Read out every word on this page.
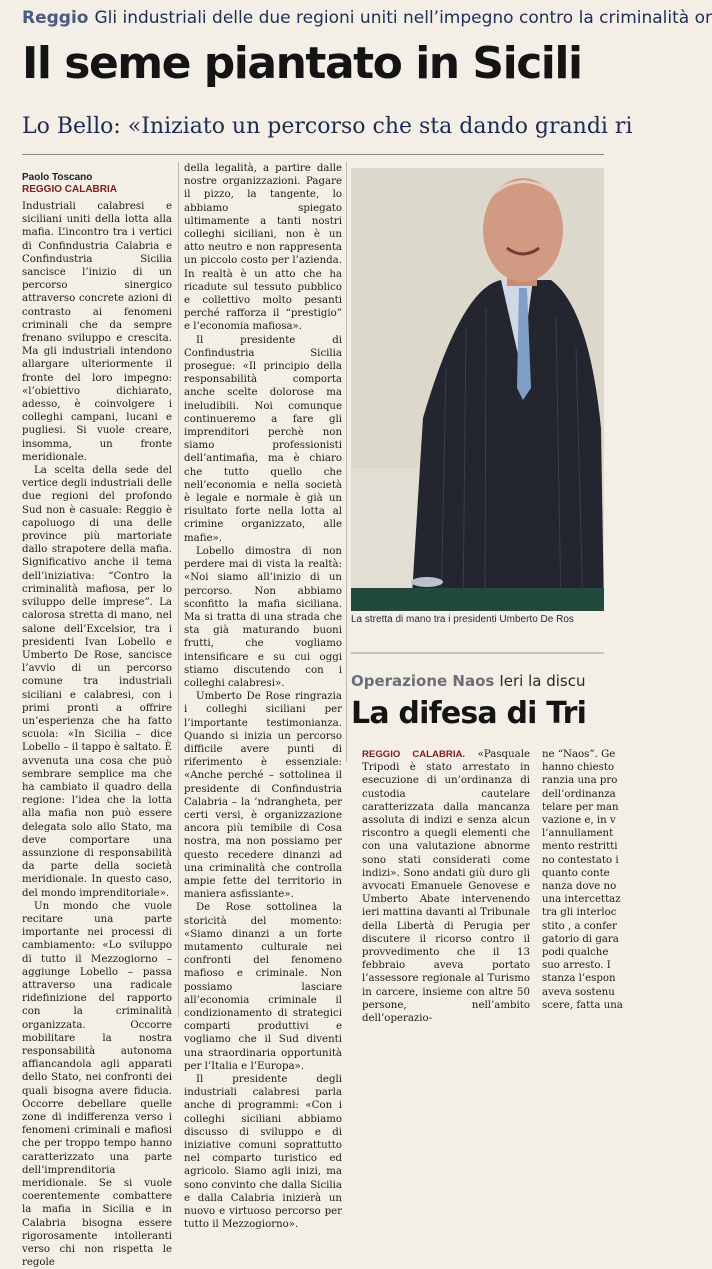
Reggio Gli industriali delle due regioni uniti nell’impegno contro la criminalità or
Il seme piantato in Sicili
Lo Bello: «Iniziato un percorso che sta dando grandi ri
Paolo Toscano
REGGIO CALABRIA

Industriali calabresi e siciliani uniti della lotta alla mafia. L’incontro tra i vertici di Confindustria Calabria e Confindustria Sicilia sancisce l’inizio di un percorso sinergico attraverso concrete azioni di contrasto ai fenomeni criminali che da sempre frenano sviluppo e crescita. Ma gli industriali intendono allargare ulteriormente il fronte del loro impegno: «l’obiettivo dichiarato, adesso, è coinvolgere i colleghi campani, lucani e pugliesi. Si vuole creare, insomma, un fronte meridionale.

La scelta della sede del vertice degli industriali delle due regioni del profondo Sud non è casuale: Reggio è capoluogo di una delle province più martoriate dallo strapotere della mafia. Significativo anche il tema dell’iniziativa: “Contro la criminalità mafiosa, per lo sviluppo delle imprese”. La calorosa stretta di mano, nel salone dell’Excelsior, tra i presidenti Ivan Lobello e Umberto De Rose, sancisce l’avvio di un percorso comune tra industriali siciliani e calabresi, con i primi pronti a offrire un’esperienza che ha fatto scuola: «In Sicilia – dice Lobello – il tappo è saltato. È avvenuta una cosa che può sembrare semplice ma che ha cambiato il quadro della regione: l’idea che la lotta alla mafia non può essere delegata solo allo Stato, ma deve comportare una assunzione di responsabilità da parte della società meridionale. In questo caso, del mondo imprenditoriale».

Un mondo che vuole recitare una parte importante nei processi di cambiamento: «Lo sviluppo di tutto il Mezzogiorno – aggiunge Lobello – passa attraverso una radicale ridefinizione del rapporto con la criminalità organizzata. Occorre mobilitare la nostra responsabilità autonoma affiancandola agli apparati dello Stato, nei confronti dei quali bisogna avere fiducia. Occorre debellare quelle zone di indifferenza verso i fenomeni criminali e mafiosi che per troppo tempo hanno caratterizzato una parte dell’imprenditoria meridionale. Se si vuole coerentemente combattere la mafia in Sicilia e in Calabria bisogna essere rigorosamente intolleranti verso chi non rispetta le regole

della legalità, a partire dalle nostre organizzazioni. Pagare il pizzo, la tangente, lo abbiamo spiegato ultimamente a tanti nostri colleghi siciliani, non è un atto neutro e non rappresenta un piccolo costo per l’azienda. In realtà è un atto che ha ricadute sul tessuto pubblico e collettivo molto pesanti perché rafforza il “prestigio” e l’economia mafiosa».

Il presidente di Confindustria Sicilia prosegue: «Il principio della responsabilità comporta anche scelte dolorose ma ineludibili. Noi comunque continueremo a fare gli imprenditori perchè non siamo professionisti dell’antimafia, ma è chiaro che tutto quello che nell’economia e nella società è legale e normale è già un risultato forte nella lotta al crimine organizzato, alle mafie».

Lobello dimostra di non perdere mai di vista la realtà: «Noi siamo all’inizio di un percorso. Non abbiamo sconfitto la mafia siciliana. Ma si tratta di una strada che sta già maturando buoni frutti, che vogliamo intensificare e su cui oggi stiamo discutendo con i colleghi calabresi».

Umberto De Rose ringrazia i colleghi siciliani per l’importante testimonianza. Quando si inizia un percorso difficile avere punti di riferimento è essenziale: «Anche perché – sottolinea il presidente di Confindustria Calabria – la ’ndrangheta, per certi versi, è organizzazione ancora più temibile di Cosa nostra, ma non possiamo per questo recedere dinanzi ad una criminalità che controlla ampie fette del territorio in maniera asfissiante».

De Rose sottolinea la storicità del momento: «Siamo dinanzi a un forte mutamento culturale nei confronti del fenomeno mafioso e criminale. Non possiamo lasciare all’economia criminale il condizionamento di strategici comparti produttivi e vogliamo che il Sud diventi una straordinaria opportunità per l’Italia e l’Europa».

Il presidente degli industriali calabresi parla anche di programmi: «Con i colleghi siciliani abbiamo discusso di sviluppo e di iniziative comuni soprattutto nel comparto turistico ed agricolo. Siamo agli inizi, ma sono convinto che dalla Sicilia e dalla Calabria inizierà un nuovo e virtuoso percorso per tutto il Mezzogiorno».

La stretta di mano tra i presidenti Umberto De Ros
Operazione Naos Ieri la discu
La difesa di Tri

REGGIO CALABRIA. «Pasquale Tripodi è stato arrestato in esecuzione di un’ordinanza di custodia cautelare caratterizzata dalla mancanza assoluta di indizi e senza alcun riscontro a quegli elementi che con una valutazione abnorme sono stati considerati come indizi». Sono andati giù duro gli avvocati Emanuele Genovese e Umberto Abate intervenendo ieri mattina davanti al Tribunale della Libertà di Perugia per discutere il ricorso contro il provvedimento che il 13 febbraio aveva portato l’assessore regionale al Turismo in carcere, insieme con altre 50 persone, nell’ambito dell’operazio-

ne “Naos”. Ge

hanno chiesto

ranzia una pro

dell’ordinanza

telare per man

vazione e, in v

l’annullament

mento restritti

no contestato i

quanto conte

nanza dove no

una intercettaz

tra gli interloc

stito , a confer

gatorio di gara

podi qualche

suo arresto. I

stanza l’espon

aveva sostenu

scere, fatta una
